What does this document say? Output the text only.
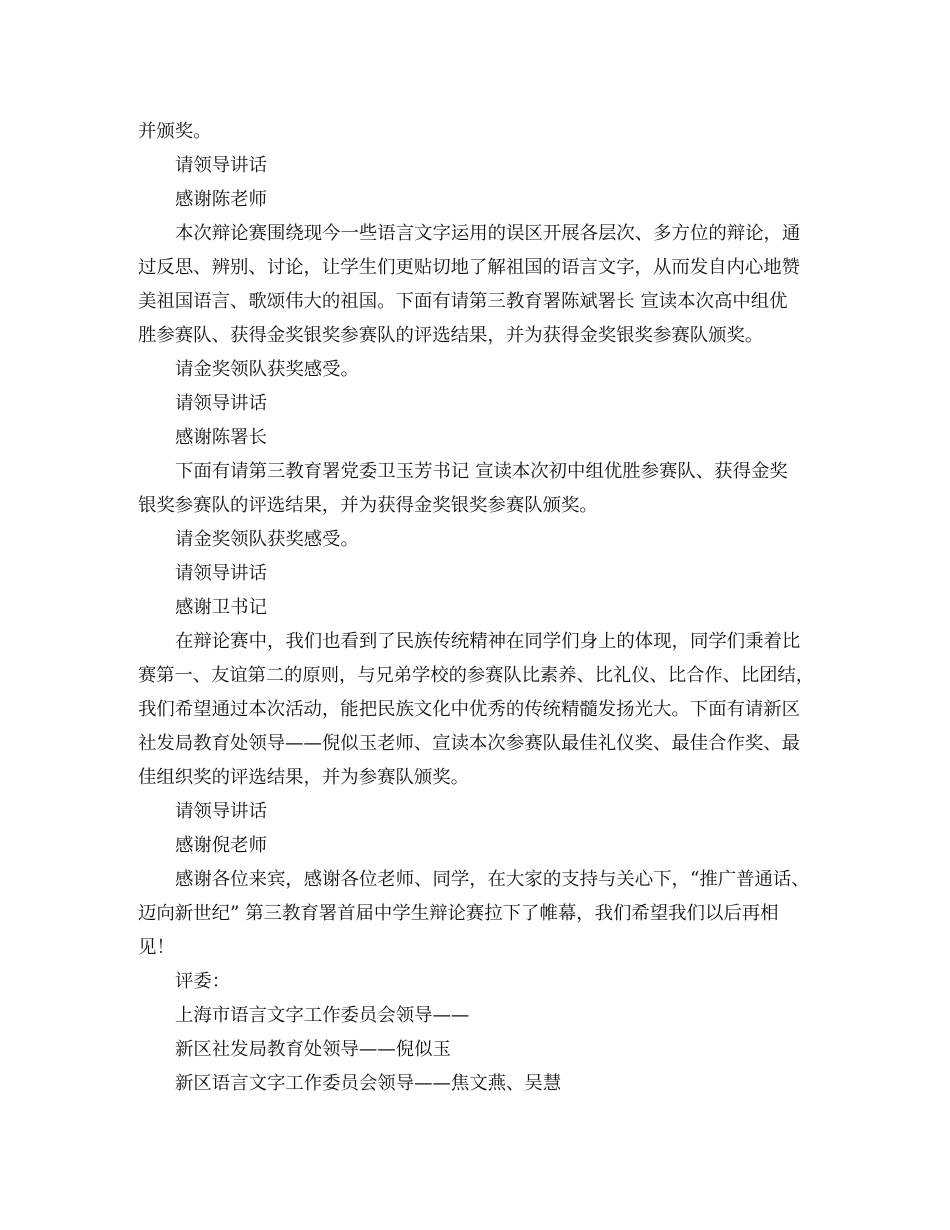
并颁奖。
请领导讲话
感谢陈老师
本次辩论赛围绕现今一些语言文字运用的误区开展各层次、多方位的辩论，通
过反思、辨别、讨论，让学生们更贴切地了解祖国的语言文字，从而发自内心地赞
美祖国语言、歌颂伟大的祖国。下面有请第三教育署陈斌署长 宣读本次高中组优
胜参赛队、获得金奖银奖参赛队的评选结果，并为获得金奖银奖参赛队颁奖。
请金奖领队获奖感受。
请领导讲话
感谢陈署长
下面有请第三教育署党委卫玉芳书记 宣读本次初中组优胜参赛队、获得金奖
银奖参赛队的评选结果，并为获得金奖银奖参赛队颁奖。
请金奖领队获奖感受。
请领导讲话
感谢卫书记
在辩论赛中，我们也看到了民族传统精神在同学们身上的体现，同学们秉着比
赛第一、友谊第二的原则，与兄弟学校的参赛队比素养、比礼仪、比合作、比团结，
我们希望通过本次活动，能把民族文化中优秀的传统精髓发扬光大。下面有请新区
社发局教育处领导——倪似玉老师、宣读本次参赛队最佳礼仪奖、最佳合作奖、最
佳组织奖的评选结果，并为参赛队颁奖。
请领导讲话
感谢倪老师
感谢各位来宾，感谢各位老师、同学，在大家的支持与关心下，“推广普通话、
迈向新世纪” 第三教育署首届中学生辩论赛拉下了帷幕，我们希望我们以后再相
见！
评委：
上海市语言文字工作委员会领导——
新区社发局教育处领导——倪似玉
新区语言文字工作委员会领导——焦文燕、吴慧
